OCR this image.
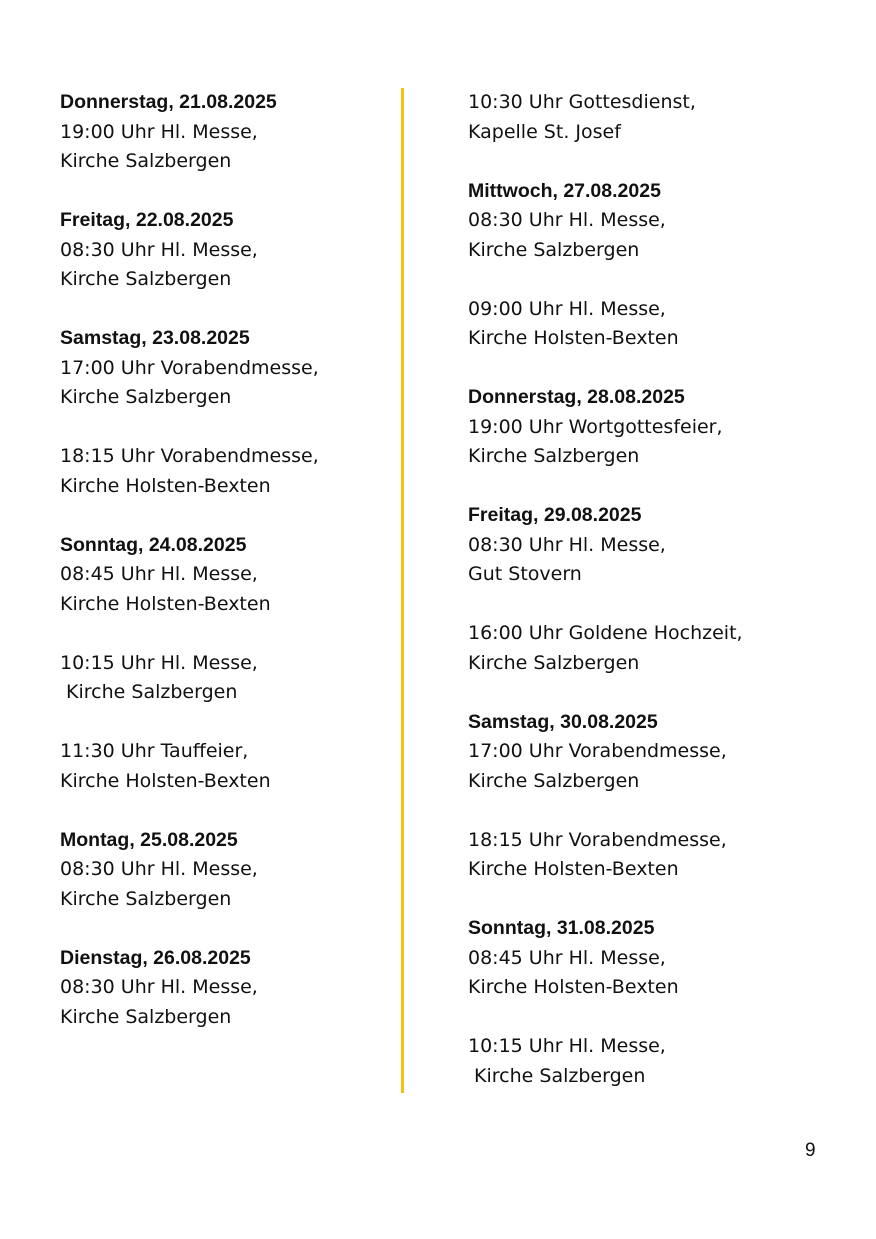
Donnerstag, 21.08.2025
19:00 Uhr Hl. Messe,
Kirche Salzbergen
Freitag, 22.08.2025
08:30 Uhr Hl. Messe,
Kirche Salzbergen
Samstag, 23.08.2025
17:00 Uhr Vorabendmesse,
Kirche Salzbergen
18:15 Uhr Vorabendmesse,
Kirche Holsten-Bexten
Sonntag, 24.08.2025
08:45 Uhr Hl. Messe,
Kirche Holsten-Bexten
10:15 Uhr Hl. Messe,
Kirche Salzbergen
11:30 Uhr Tauffeier,
Kirche Holsten-Bexten
Montag, 25.08.2025
08:30 Uhr Hl. Messe,
Kirche Salzbergen
Dienstag, 26.08.2025
08:30 Uhr Hl. Messe,
Kirche Salzbergen
10:30 Uhr Gottesdienst,
Kapelle St. Josef
Mittwoch, 27.08.2025
08:30 Uhr Hl. Messe,
Kirche Salzbergen
09:00 Uhr Hl. Messe,
Kirche Holsten-Bexten
Donnerstag, 28.08.2025
19:00 Uhr Wortgottesfeier,
Kirche Salzbergen
Freitag, 29.08.2025
08:30 Uhr Hl. Messe,
Gut Stovern
16:00 Uhr Goldene Hochzeit,
Kirche Salzbergen
Samstag, 30.08.2025
17:00 Uhr Vorabendmesse,
Kirche Salzbergen
18:15 Uhr Vorabendmesse,
Kirche Holsten-Bexten
Sonntag, 31.08.2025
08:45 Uhr Hl. Messe,
Kirche Holsten-Bexten
10:15 Uhr Hl. Messe,
Kirche Salzbergen
9
